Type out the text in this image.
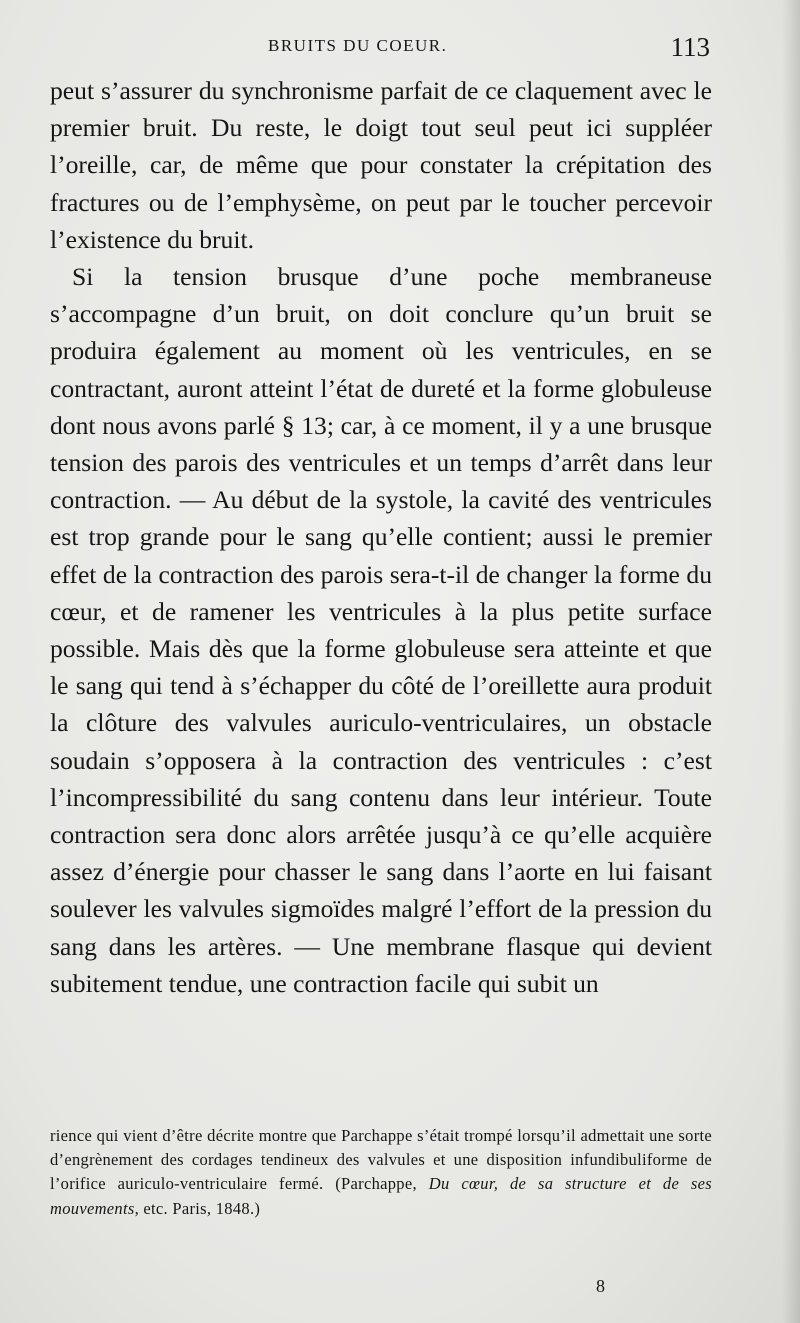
BRUITS DU COEUR.	113

peut s’assurer du synchronisme parfait de ce claquement avec le premier bruit. Du reste, le doigt tout seul peut ici suppléer l’oreille, car, de même que pour constater la crépitation des fractures ou de l’emphysème, on peut par le toucher percevoir l’existence du bruit.

Si la tension brusque d’une poche membraneuse s’accompagne d’un bruit, on doit conclure qu’un bruit se produira également au moment où les ventricules, en se contractant, auront atteint l’état de dureté et la forme globuleuse dont nous avons parlé § 13; car, à ce moment, il y a une brusque tension des parois des ventricules et un temps d’arrêt dans leur contraction. — Au début de la systole, la cavité des ventricules est trop grande pour le sang qu’elle contient; aussi le premier effet de la contraction des parois sera-t-il de changer la forme du cœur, et de ramener les ventricules à la plus petite surface possible. Mais dès que la forme globuleuse sera atteinte et que le sang qui tend à s’échapper du côté de l’oreillette aura produit la clôture des valvules auriculo-ventriculaires, un obstacle soudain s’opposera à la contraction des ventricules : c’est l’incompressibilité du sang contenu dans leur intérieur. Toute contraction sera donc alors arrêtée jusqu’à ce qu’elle acquière assez d’énergie pour chasser le sang dans l’aorte en lui faisant soulever les valvules sigmoïdes malgré l’effort de la pression du sang dans les artères. — Une membrane flasque qui devient subitement tendue, une contraction facile qui subit un

rience qui vient d’être décrite montre que Parchappe s’était trompé lorsqu’il admettait une sorte d’engrènement des cordages tendineux des valvules et une disposition infundibuliforme de l’orifice auriculo-ventriculaire fermé. (Parchappe, Du cœur, de sa structure et de ses mouvements, etc. Paris, 1848.)

8
